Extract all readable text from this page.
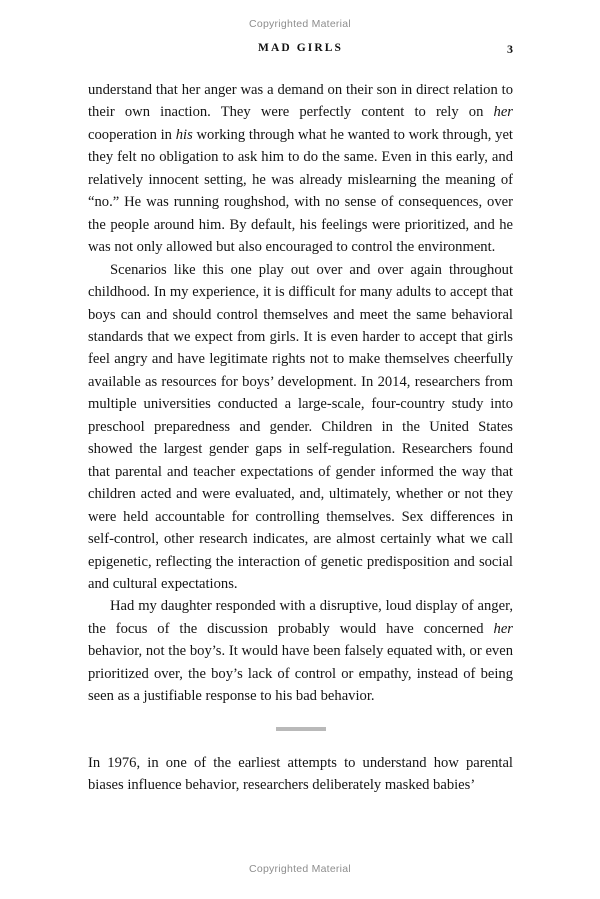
Copyrighted Material
MAD GIRLS	3

understand that her anger was a demand on their son in direct relation to their own inaction. They were perfectly content to rely on her cooperation in his working through what he wanted to work through, yet they felt no obligation to ask him to do the same. Even in this early, and relatively innocent setting, he was already mislearning the meaning of “no.” He was running roughshod, with no sense of consequences, over the people around him. By default, his feelings were prioritized, and he was not only allowed but also encouraged to control the environment.

Scenarios like this one play out over and over again throughout childhood. In my experience, it is difficult for many adults to accept that boys can and should control themselves and meet the same behavioral standards that we expect from girls. It is even harder to accept that girls feel angry and have legitimate rights not to make themselves cheerfully available as resources for boys’ development. In 2014, researchers from multiple universities conducted a large-scale, four-country study into preschool preparedness and gender. Children in the United States showed the largest gender gaps in self-regulation. Researchers found that parental and teacher expectations of gender informed the way that children acted and were evaluated, and, ultimately, whether or not they were held accountable for controlling themselves. Sex differences in self-control, other research indicates, are almost certainly what we call epigenetic, reflecting the interaction of genetic predisposition and social and cultural expectations.

Had my daughter responded with a disruptive, loud display of anger, the focus of the discussion probably would have concerned her behavior, not the boy’s. It would have been falsely equated with, or even prioritized over, the boy’s lack of control or empathy, instead of being seen as a justifiable response to his bad behavior.

In 1976, in one of the earliest attempts to understand how parental biases influence behavior, researchers deliberately masked babies’

Copyrighted Material
